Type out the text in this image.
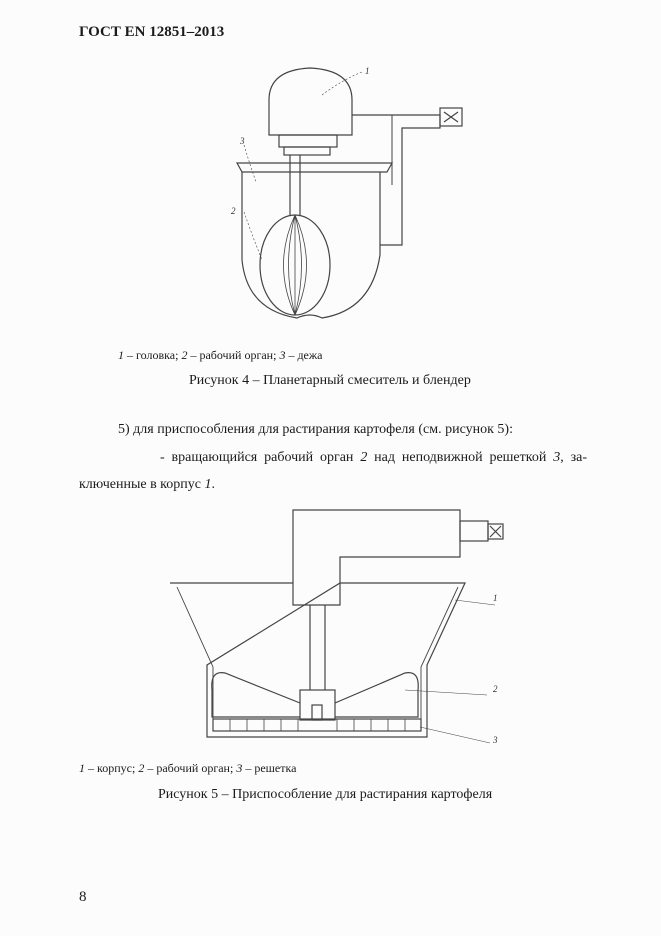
ГОСТ EN 12851–2013
1
2
3
1 – головка; 2 – рабочий орган; 3 – дежа
Рисунок 4 – Планетарный смеситель и блендер
5) для приспособления для растирания картофеля (см. рисунок 5):
- вращающийся рабочий орган 2 над неподвижной решеткой 3, за-
ключенные в корпус 1.
1
2
3
1 – корпус; 2 – рабочий орган; 3 – решетка
Рисунок 5 – Приспособление для растирания картофеля
8
